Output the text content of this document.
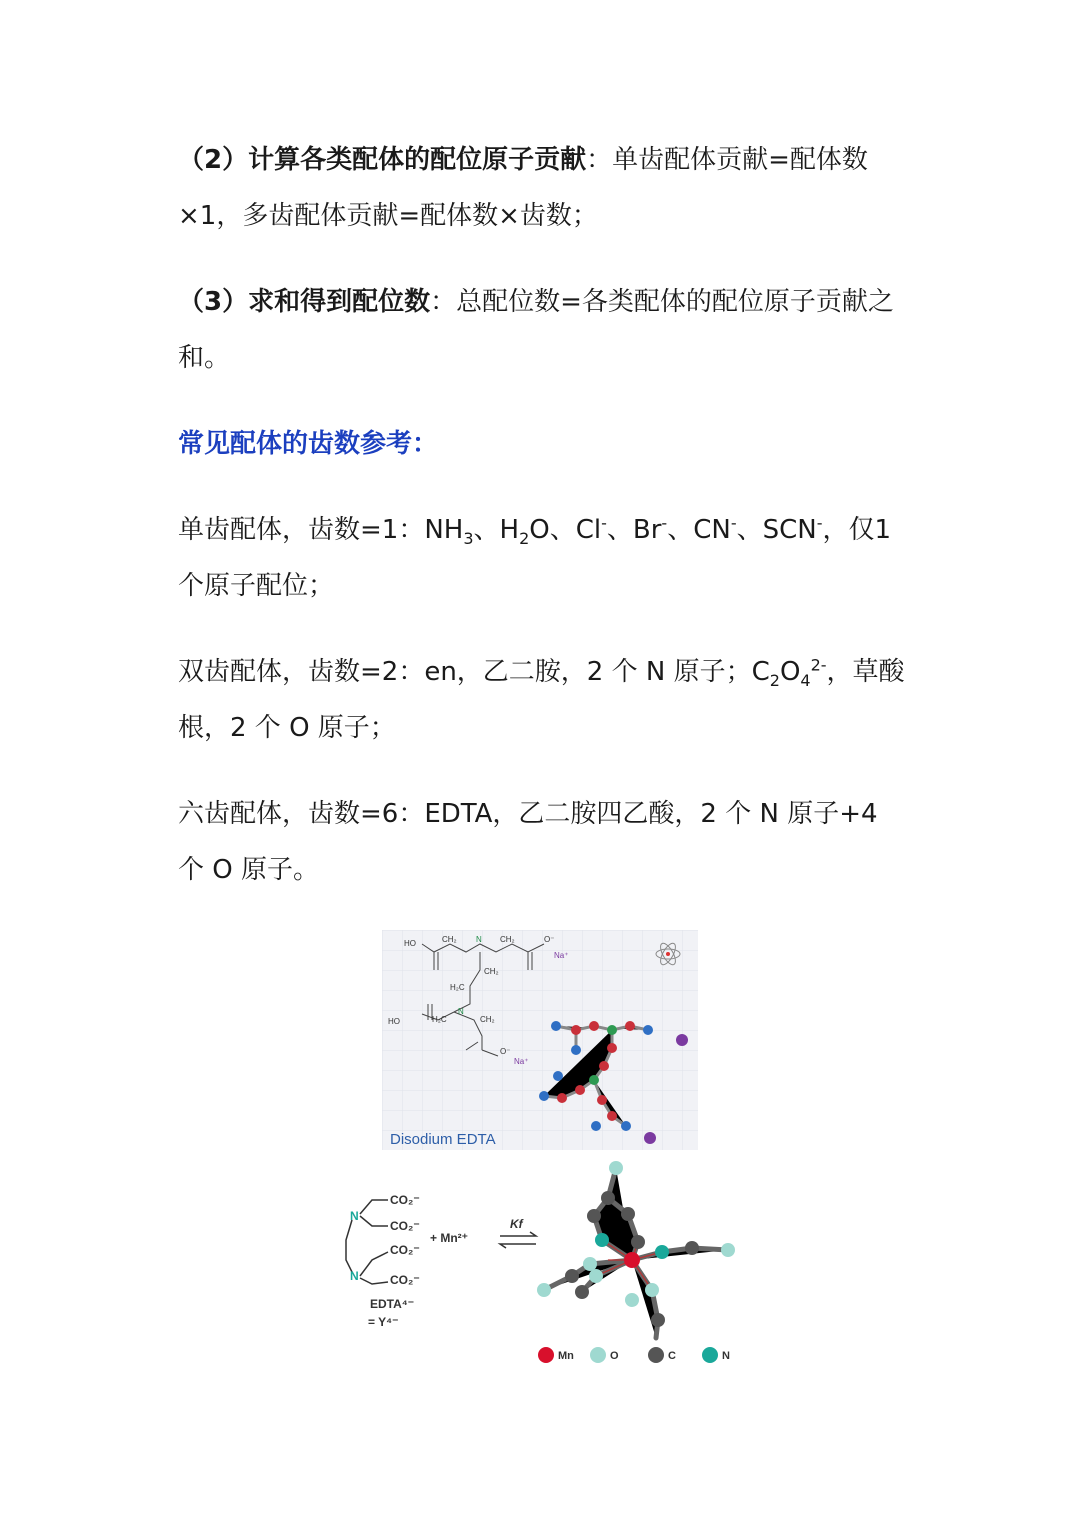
（2）计算各类配体的配位原子贡献：单齿配体贡献=配体数×1，多齿配体贡献=配体数×齿数；

（3）求和得到配位数：总配位数=各类配体的配位原子贡献之和。

常见配体的齿数参考：

单齿配体，齿数=1：$NH_3$、$H_2O$、Cl-、Br-、CN-、SCN-，仅1个原子配位；

双齿配体，齿数=2：en，乙二胺，2 个 N 原子；$C_2O_4^{2-}$，草酸根，2 个 O 原子；

六齿配体，齿数=6：EDTA，乙二胺四乙酸，2 个 N 原子+4 个 O 原子。

HO	CH₂ N CH₂	O⁻
Na⁺
CH₂
H₂C
HO	H₂C
N
CH₂
O⁻
Na⁺
Disodium EDTA
CO₂⁻
CO₂⁻
CO₂⁻
CO₂⁻
N
N
+ Mn²⁺
Kf
EDTA⁴⁻
= Y⁴⁻
Mn	O	C	N
